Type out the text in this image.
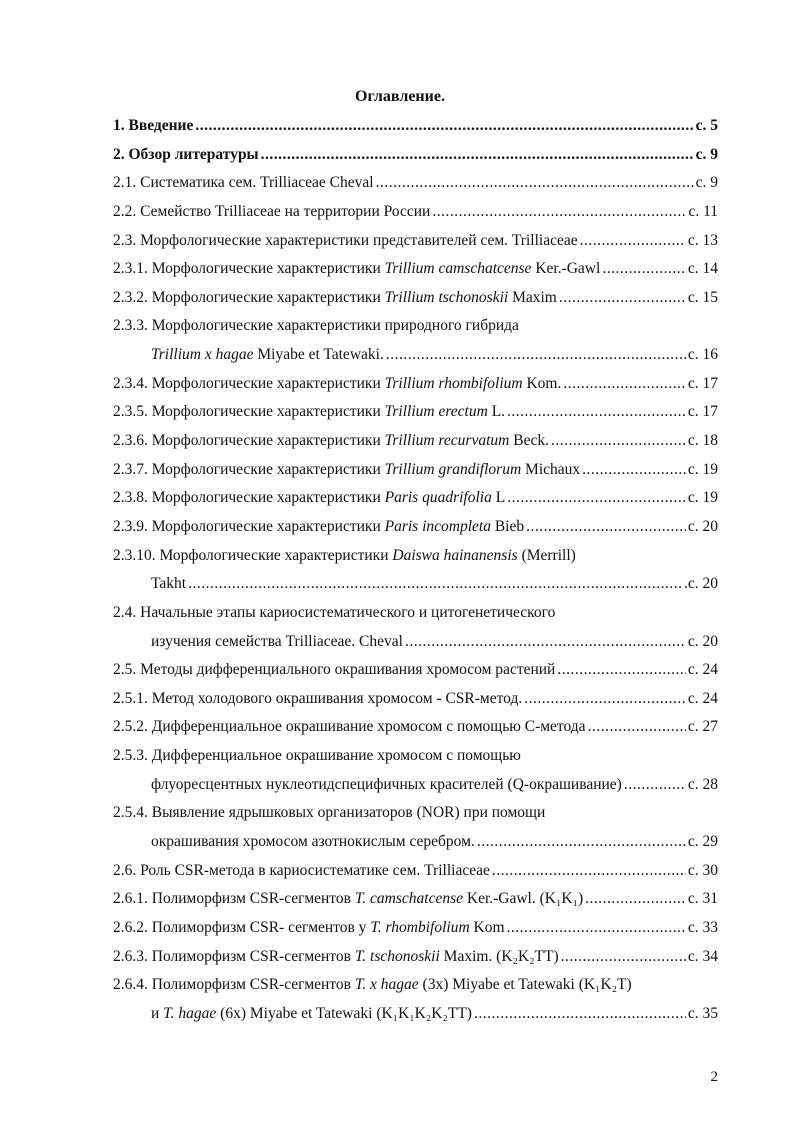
Оглавление.
1. Введение .....	с. 5
2. Обзор литературы .....	с. 9
2.1. Систематика сем. Trilliaceae Cheval .....	с. 9
2.2. Семейство Trilliaceae на территории России .....	с. 11
2.3. Морфологические характеристики представителей сем. Trilliaceae .....	с. 13
2.3.1. Морфологические характеристики Trillium camschatcense Ker.-Gawl .....	с. 14
2.3.2. Морфологические характеристики Trillium tschonoskii Maxim .....	с. 15
2.3.3. Морфологические характеристики природного гибрида
Trillium x hagae Miyabe et Tatewaki. .....	с. 16
2.3.4. Морфологические характеристики Trillium rhombifolium Kom. .....	с. 17
2.3.5. Морфологические характеристики Trillium erectum L. .....	с. 17
2.3.6. Морфологические характеристики Trillium recurvatum Beck. .....	с. 18
2.3.7. Морфологические характеристики Trillium grandiflorum Michaux .....	с. 19
2.3.8. Морфологические характеристики Paris quadrifolia L .....	с. 19
2.3.9. Морфологические характеристики Paris incompleta Bieb .....	с. 20
2.3.10. Морфологические характеристики Daiswa hainanensis (Merrill)
Takht .....	.с. 20
2.4. Начальные этапы кариосистематического и цитогенетического
изучения семейства Trilliaceae. Cheval .....	с. 20
2.5. Методы дифференциального окрашивания хромосом растений .....	с. 24
2.5.1. Метод холодового окрашивания хромосом - CSR-метод. .....	с. 24
2.5.2. Дифференциальное окрашивание хромосом с помощью С-метода .....	с. 27
2.5.3. Дифференциальное окрашивание хромосом с помощью
флуоресцентных нуклеотидспецифичных красителей (Q-окрашивание) .....	с. 28
2.5.4. Выявление ядрышковых организаторов (NOR) при помощи
окрашивания хромосом азотнокислым серебром. .....	с. 29
2.6. Роль CSR-метода в кариосистематике сем. Trilliaceae .....	с. 30
2.6.1. Полиморфизм CSR-сегментов T. camschatcense Ker.-Gawl. (K₁K₁) .....	с. 31
2.6.2. Полиморфизм CSR- сегментов у T. rhombifolium Kom .....	с. 33
2.6.3. Полиморфизм CSR-сегментов T. tschonoskii Maxim. (K₂K₂TT) .....	с. 34
2.6.4. Полиморфизм CSR-сегментов T. x hagae (3x) Miyabe et Tatewaki (K₁K₂T)
и T. hagae (6x) Miyabe et Tatewaki (K₁K₁K₂K₂TT) .....	с. 35
2
